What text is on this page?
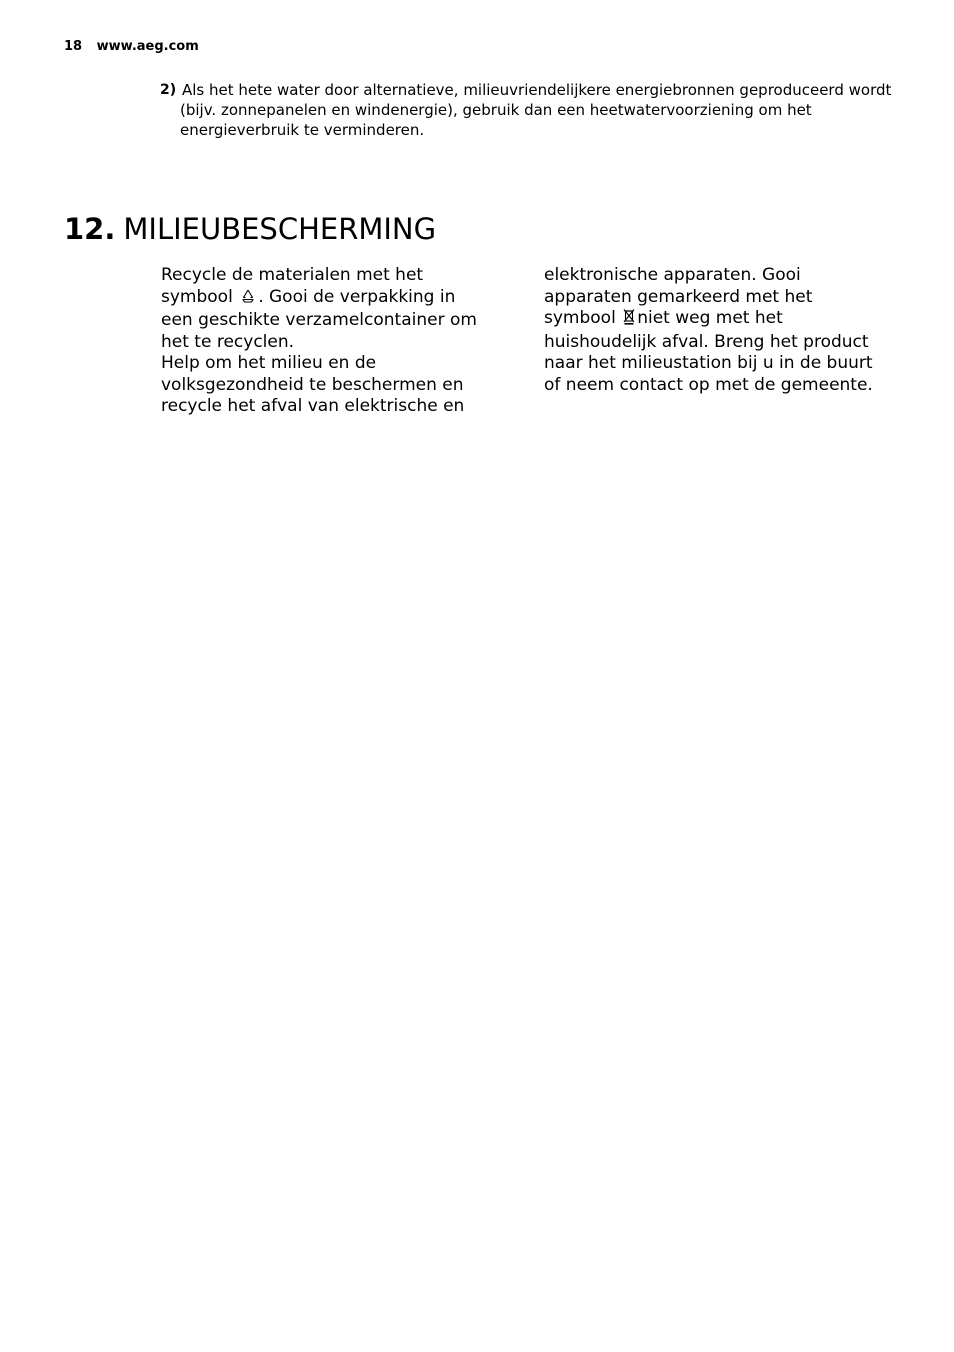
18 www.aeg.com
2) Als het hete water door alternatieve, milieuvriendelijkere energiebronnen geproduceerd wordt (bijv. zonnepanelen en windenergie), gebruik dan een heetwatervoorziening om het energieverbruik te verminderen.
12. MILIEUBESCHERMING

Recycle de materialen met het symbool . Gooi de verpakking in een geschikte verzamelcontainer om het te recyclen.

Help om het milieu en de volksgezondheid te beschermen en recycle het afval van elektrische en

elektronische apparaten. Gooi apparaten gemarkeerd met het symbool niet weg met het huishoudelijk afval. Breng het product naar het milieustation bij u in de buurt of neem contact op met de gemeente.
